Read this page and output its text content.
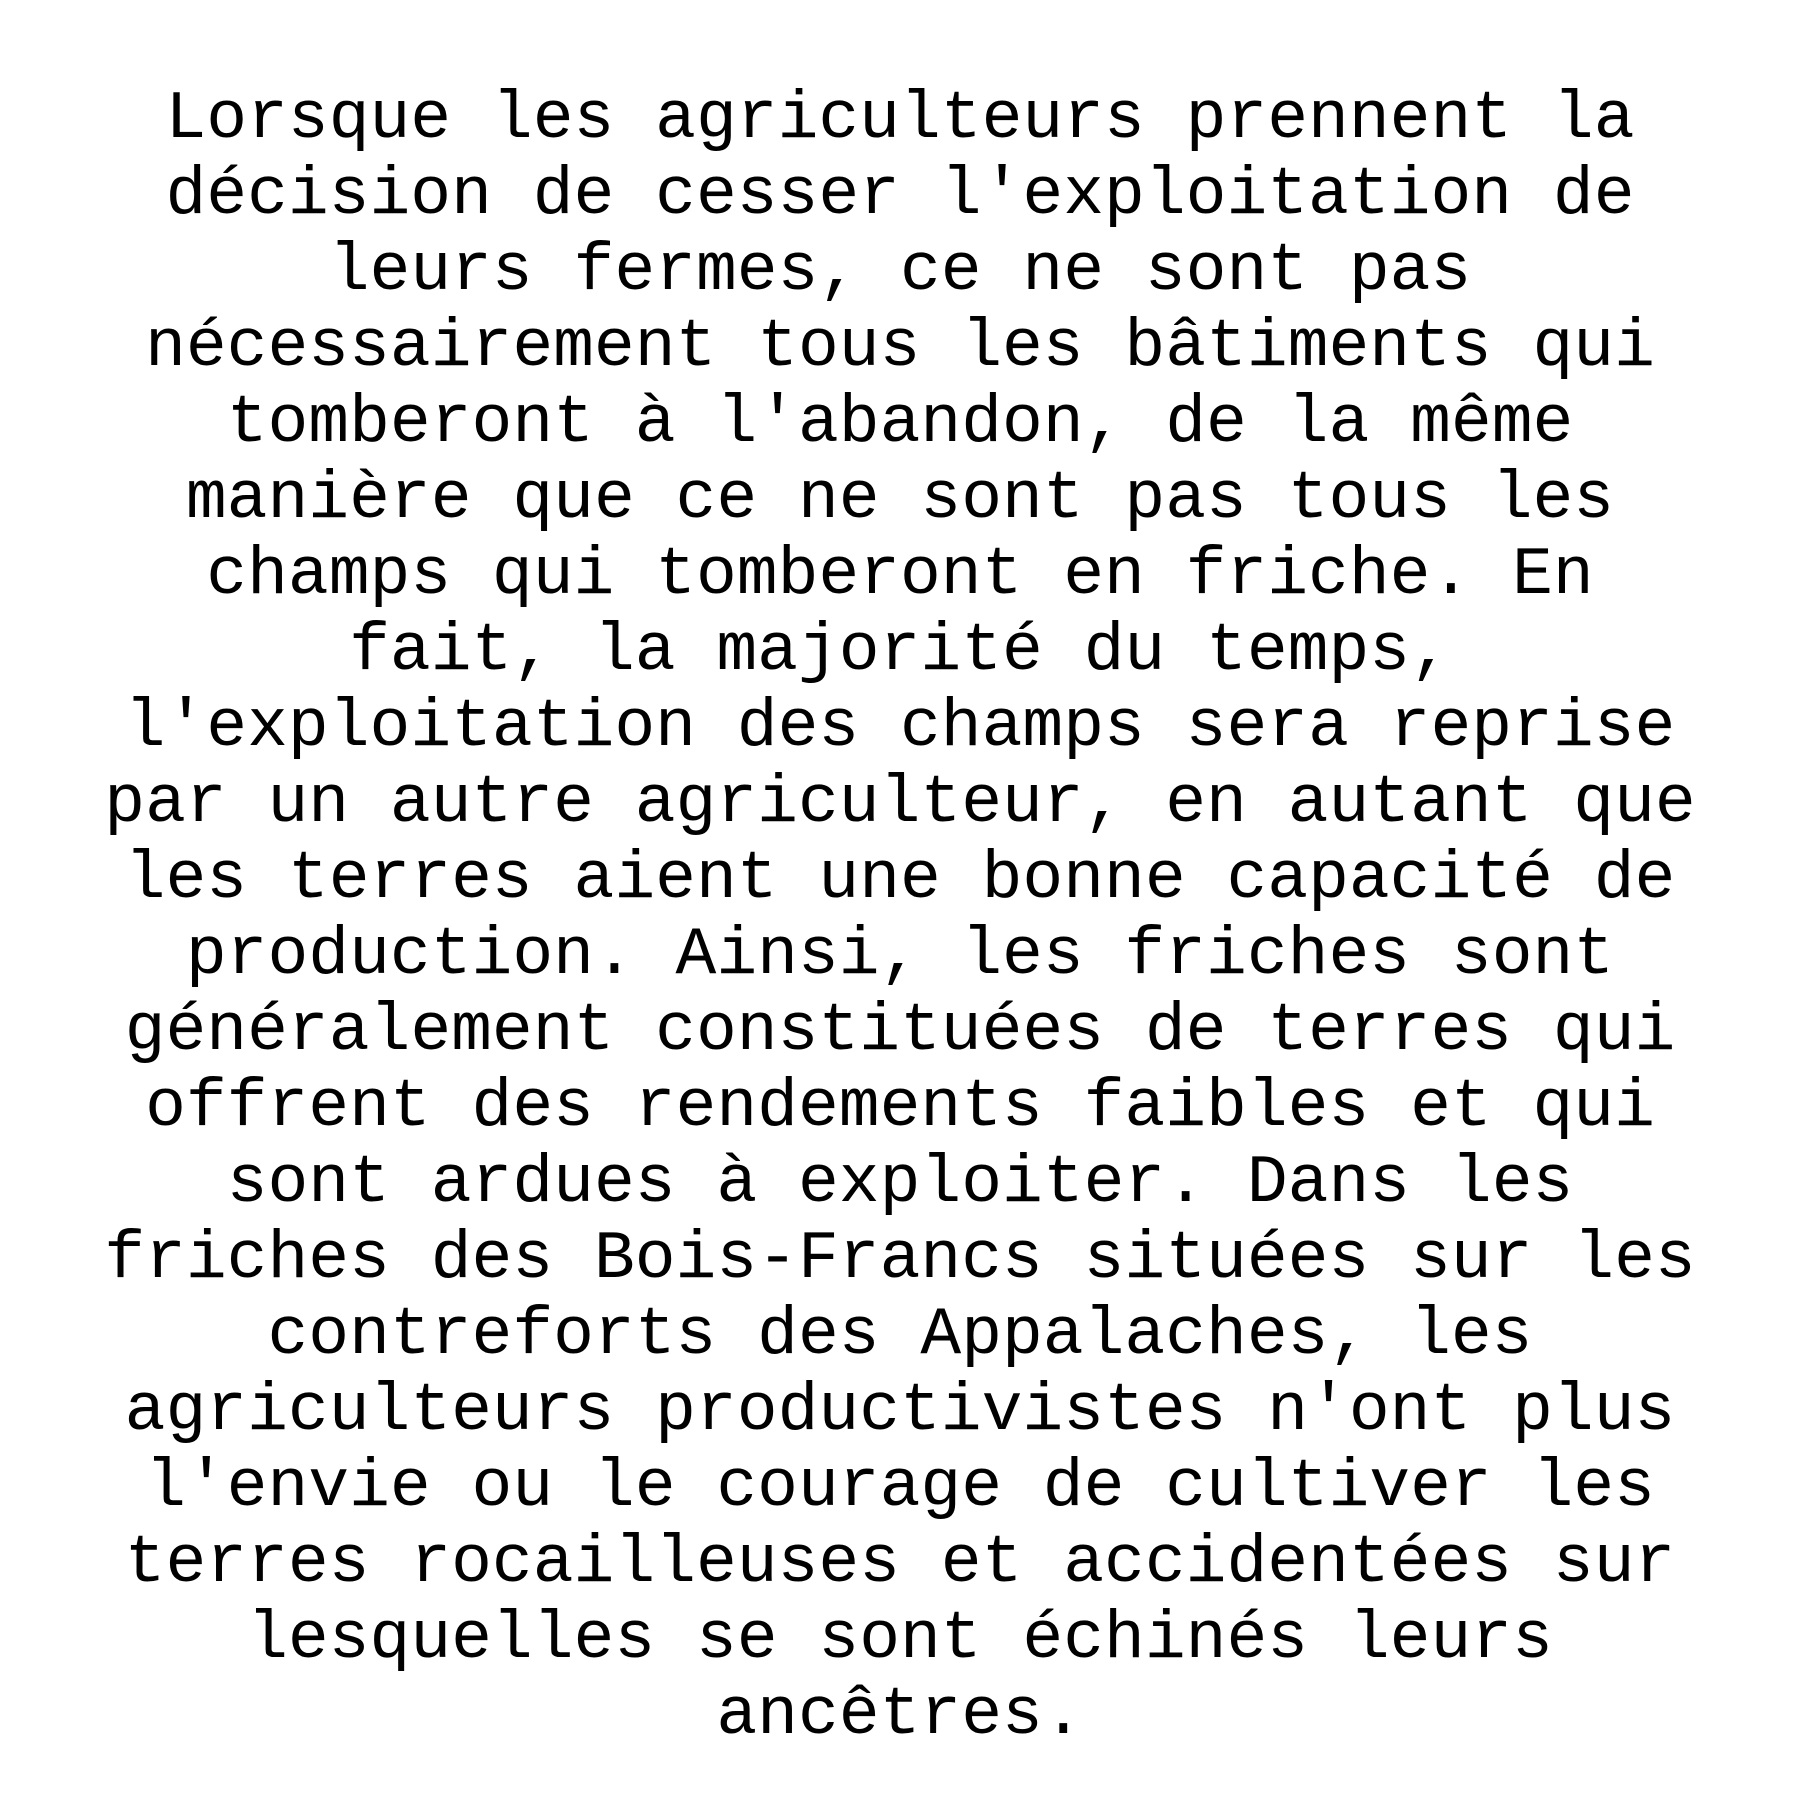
Lorsque les agriculteurs prennent la
décision de cesser l'exploitation de
leurs fermes, ce ne sont pas
nécessairement tous les bâtiments qui
tomberont à l'abandon, de la même
manière que ce ne sont pas tous les
champs qui tomberont en friche. En
fait, la majorité du temps,
l'exploitation des champs sera reprise
par un autre agriculteur, en autant que
les terres aient une bonne capacité de
production. Ainsi, les friches sont
généralement constituées de terres qui
offrent des rendements faibles et qui
sont ardues à exploiter. Dans les
friches des Bois-Francs situées sur les
contreforts des Appalaches, les
agriculteurs productivistes n'ont plus
l'envie ou le courage de cultiver les
terres rocailleuses et accidentées sur
lesquelles se sont échinés leurs
ancêtres.
